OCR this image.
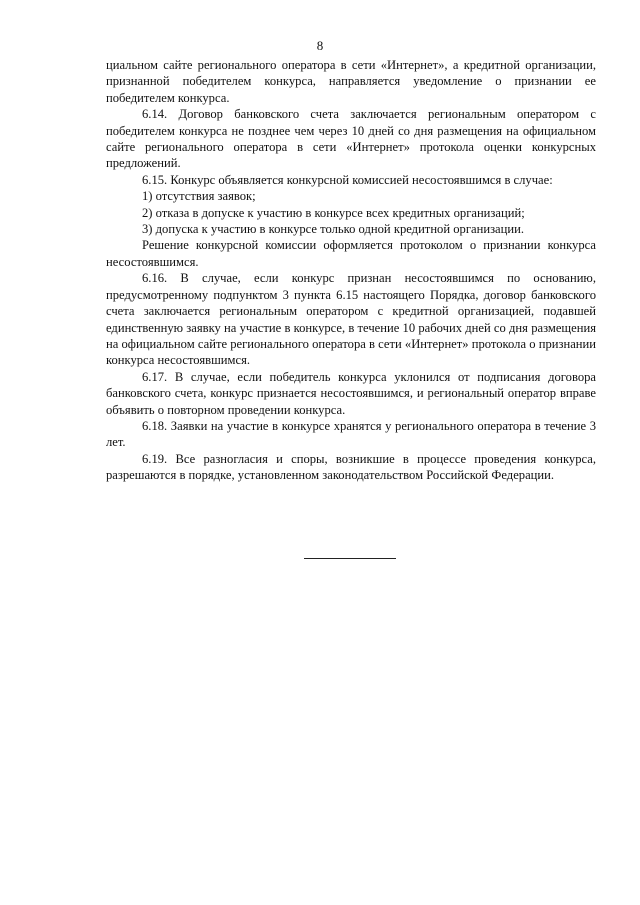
8

циальном сайте регионального оператора в сети «Интернет», а кредитной организации, признанной победителем конкурса, направляется уведомление о признании ее победителем конкурса.

6.14. Договор банковского счета заключается региональным оператором с победителем конкурса не позднее чем через 10 дней со дня размещения на официальном сайте регионального оператора в сети «Интернет» протокола оценки конкурсных предложений.

6.15. Конкурс объявляется конкурсной комиссией несостоявшимся в случае:

1) отсутствия заявок;

2) отказа в допуске к участию в конкурсе всех кредитных организаций;

3) допуска к участию в конкурсе только одной кредитной организации.

Решение конкурсной комиссии оформляется протоколом о признании конкурса несостоявшимся.

6.16. В случае, если конкурс признан несостоявшимся по основанию, предусмотренному подпунктом 3 пункта 6.15 настоящего Порядка, договор банковского счета заключается региональным оператором с кредитной организацией, подавшей единственную заявку на участие в конкурсе, в течение 10 рабочих дней со дня размещения на официальном сайте регионального оператора в сети «Интернет» протокола о признании конкурса несостоявшимся.

6.17. В случае, если победитель конкурса уклонился от подписания договора банковского счета, конкурс признается несостоявшимся, и региональный оператор вправе объявить о повторном проведении конкурса.

6.18. Заявки на участие в конкурсе хранятся у регионального оператора в течение 3 лет.

6.19. Все разногласия и споры, возникшие в процессе проведения конкурса, разрешаются в порядке, установленном законодательством Российской Федерации.
